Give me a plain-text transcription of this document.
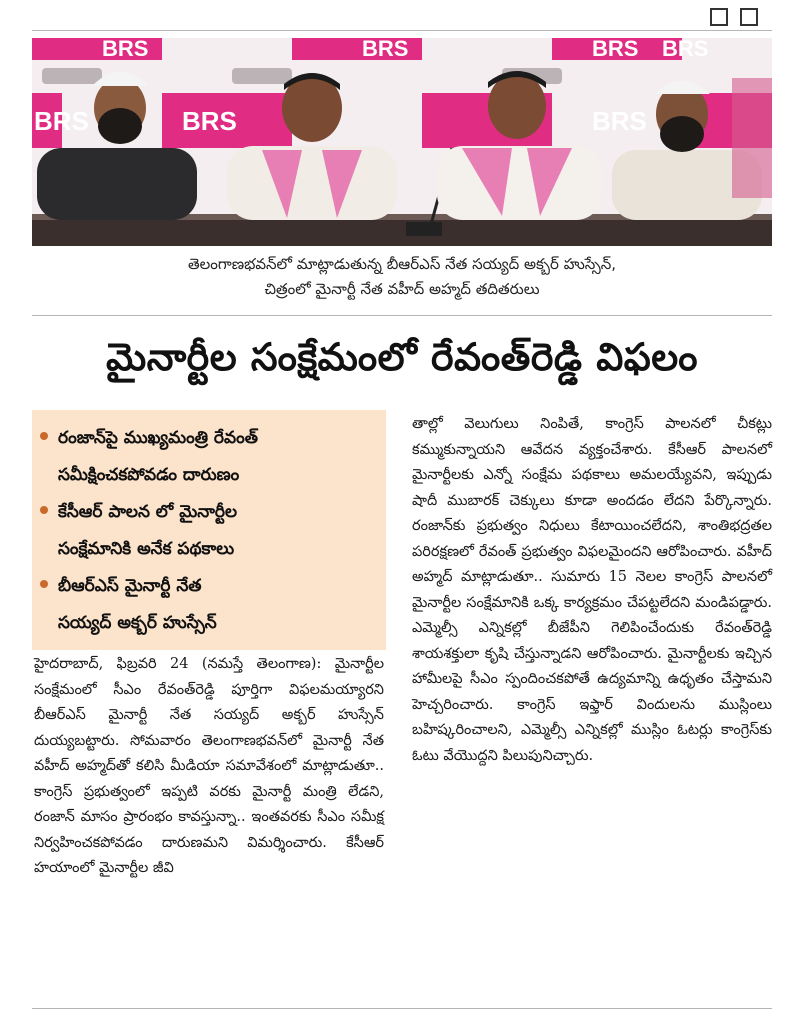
BRS	BRS	BRS BRS
BRS	BRS	BRS
తెలంగాణభవన్‌లో మాట్లాడుతున్న బీఆర్‌ఎస్‌ నేత సయ్యద్‌ అక్బర్‌ హుస్సేన్‌,
చిత్రంలో మైనార్టీ నేత వహీద్‌ అహ్మద్‌ తదితరులు
మైనార్టీల సంక్షేమంలో రేవంత్‌రెడ్డి విఫలం
రంజాన్‌పై ముఖ్యమంత్రి రేవంత్‌
సమీక్షించకపోవడం దారుణం
కేసీఆర్‌ పాలన లో మైనార్టీల
సంక్షేమానికి అనేక పథకాలు
బీఆర్‌ఎస్‌ మైనార్టీ నేత
సయ్యద్‌ అక్బర్‌ హుస్సేన్‌
హైదరాబాద్‌, ఫిబ్రవరి 24 (నమస్తే తెలంగాణ): మైనార్టీల సంక్షేమంలో సీఎం రేవంత్‌రెడ్డి పూర్తిగా విఫలమయ్యారని బీఆర్‌ఎస్‌ మైనార్టీ నేత సయ్యద్‌ అక్బర్‌ హుస్సేన్‌ దుయ్యబట్టారు. సోమవారం తెలంగాణభవన్‌లో మైనార్టీ నేత వహీద్‌ అహ్మద్‌తో కలిసి మీడియా సమావేశంలో మాట్లాడుతూ.. కాంగ్రెస్‌ ప్రభుత్వంలో ఇప్పటి వరకు మైనార్టీ మంత్రి లేడని, రంజాన్‌ మాసం ప్రారంభం కావస్తున్నా.. ఇంతవరకు సీఎం సమీక్ష నిర్వహించకపోవడం దారుణమని విమర్శించారు. కేసీఆర్‌ హయాంలో మైనార్టీల జీవి
తాల్లో వెలుగులు నింపితే, కాంగ్రెస్‌ పాలనలో చీకట్లు కమ్ముకున్నాయని ఆవేదన వ్యక్తంచేశారు. కేసీఆర్‌ పాలనలో మైనార్టీలకు ఎన్నో సంక్షేమ పథకాలు అమలయ్యేవని, ఇప్పుడు షాదీ ముబారక్‌ చెక్కులు కూడా అందడం లేదని పేర్కొన్నారు. రంజాన్‌కు ప్రభుత్వం నిధులు కేటాయించలేదని, శాంతిభద్రతల పరిరక్షణలో రేవంత్‌ ప్రభుత్వం విఫలమైందని ఆరోపించారు. వహీద్‌ అహ్మద్‌ మాట్లాడుతూ.. సుమారు 15 నెలల కాంగ్రెస్‌ పాలనలో మైనార్టీల సంక్షేమానికి ఒక్క కార్యక్రమం చేపట్టలేదని మండిపడ్డారు. ఎమ్మెల్సీ ఎన్నికల్లో బీజేపీని గెలిపించేందుకు రేవంత్‌రెడ్డి శాయశక్తులా కృషి చేస్తున్నాడని ఆరోపించారు. మైనార్టీలకు ఇచ్చిన హామీలపై సీఎం స్పందించకపోతే ఉద్యమాన్ని ఉధృతం చేస్తామని హెచ్చరించారు. కాంగ్రెస్‌ ఇఫ్తార్‌ విందులను ముస్లింలు బహిష్కరించాలని, ఎమ్మెల్సీ ఎన్నికల్లో ముస్లిం ఓటర్లు కాంగ్రెస్‌కు ఓటు వేయొద్దని పిలుపునిచ్చారు.
